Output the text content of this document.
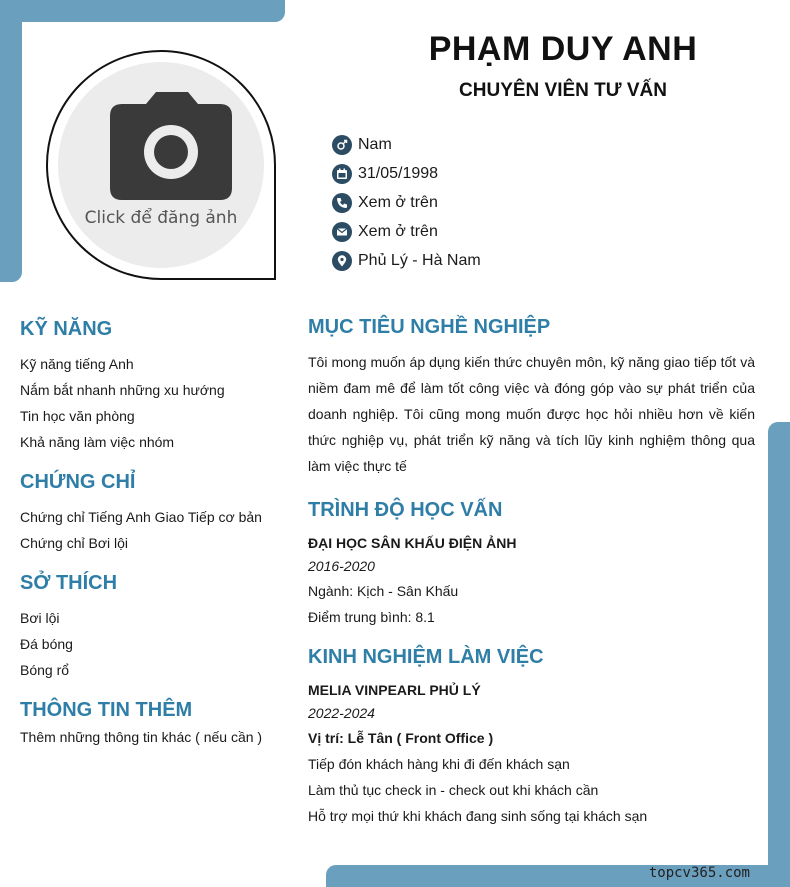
Click để đăng ảnh
PHẠM DUY ANH
CHUYÊN VIÊN TƯ VẤN
Nam
31/05/1998
Xem ở trên
Xem ở trên
Phủ Lý - Hà Nam
KỸ NĂNG
Kỹ năng tiếng Anh
Nắm bắt nhanh những xu hướng
Tin học văn phòng
Khả năng làm việc nhóm
CHỨNG CHỈ
Chứng chỉ Tiếng Anh Giao Tiếp cơ bản
Chứng chỉ Bơi lội
SỞ THÍCH
Bơi lội
Đá bóng
Bóng rổ
THÔNG TIN THÊM
Thêm những thông tin khác ( nếu cần )
MỤC TIÊU NGHỀ NGHIỆP
Tôi mong muốn áp dụng kiến thức chuyên môn, kỹ năng giao tiếp tốt và niềm đam mê để làm tốt công việc và đóng góp vào sự phát triển của doanh nghiệp. Tôi cũng mong muốn được học hỏi nhiều hơn về kiến thức nghiệp vụ, phát triển kỹ năng và tích lũy kinh nghiệm thông qua làm việc thực tế
TRÌNH ĐỘ HỌC VẤN
ĐẠI HỌC SÂN KHẤU ĐIỆN ẢNH
2016-2020
Ngành: Kịch - Sân Khấu
Điểm trung bình: 8.1
KINH NGHIỆM LÀM VIỆC
MELIA VINPEARL PHỦ LÝ
2022-2024
Vị trí: Lễ Tân ( Front Office )
Tiếp đón khách hàng khi đi đến khách sạn
Làm thủ tục check in - check out khi khách cần
Hỗ trợ mọi thứ khi khách đang sinh sống tại khách sạn
topcv365.com
